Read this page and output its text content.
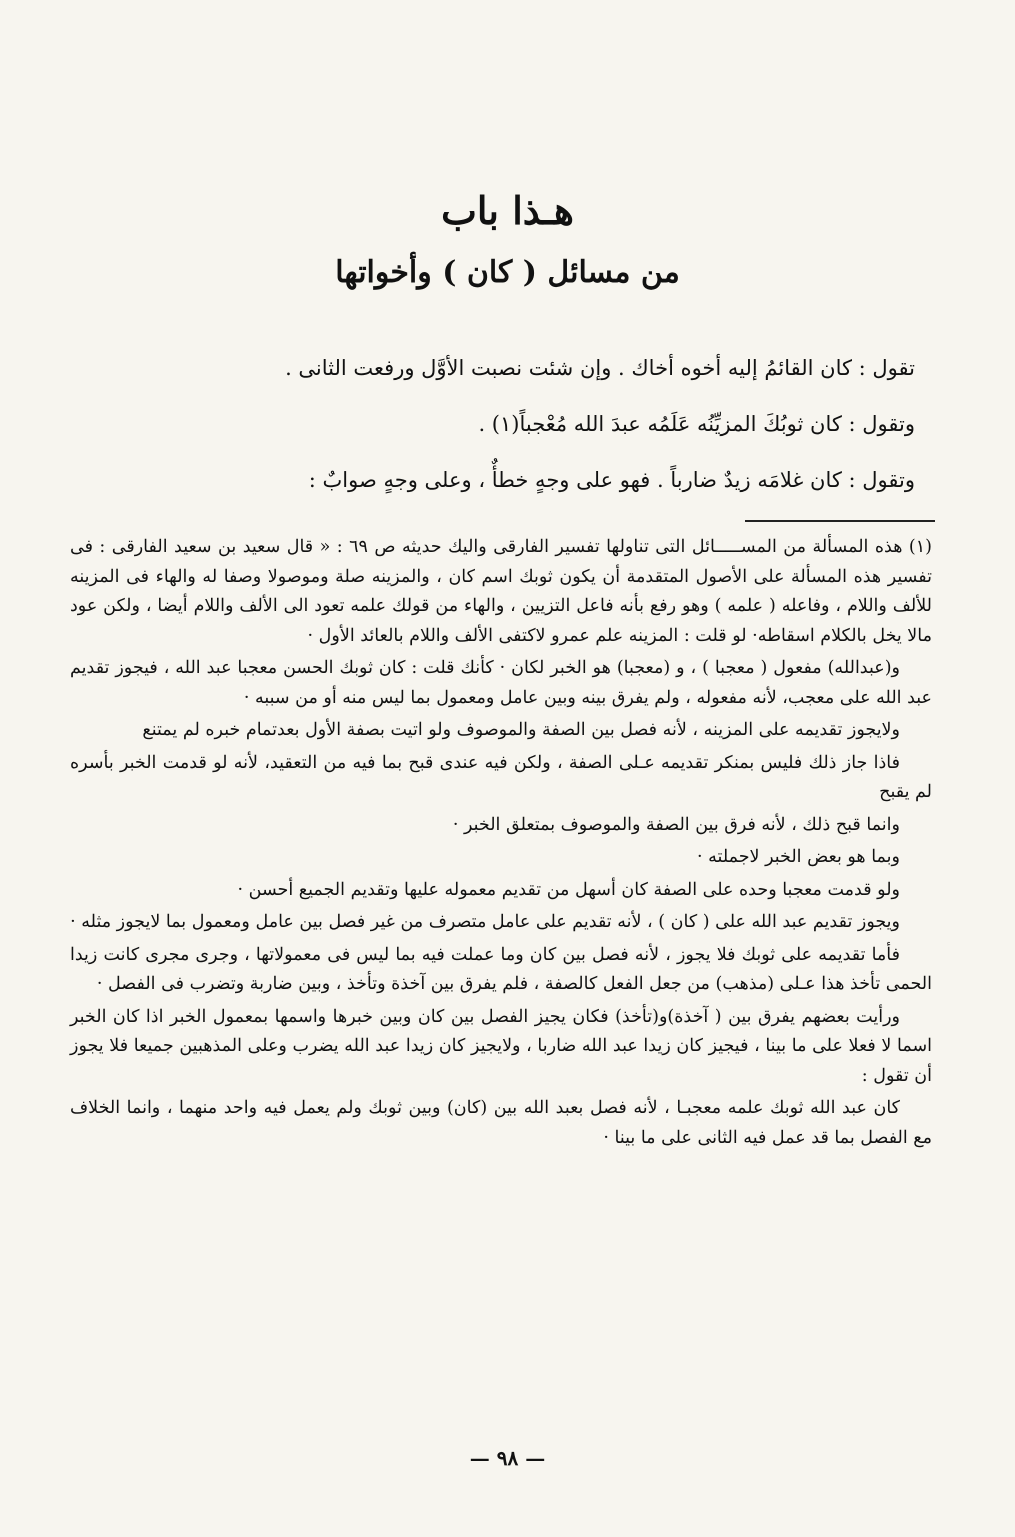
هـذا باب
من مسائل ( كان ) وأخواتها

تقول : كان القائمُ إليه أخوه أخاك . وإن شئت نصبت الأوَّل ورفعت الثانى .

وتقول : كان ثوبُكَ المزيِّنُه عَلَمُه عبدَ الله مُعْجباً(١) .

وتقول : كان غلامَه زيدٌ ضارباً . فهو على وجهٍ خطأٌ ، وعلى وجهٍ صوابٌ :

(١) هذه المسألة من المســـــائل التى تناولها تفسير الفارقى واليك حديثه ص ٦٩ : « قال سعيد بن سعيد الفارقى : فى تفسير هذه المسألة على الأصول المتقدمة أن يكون ثوبك اسم كان ، والمزينه صلة وموصولا وصفا له والهاء فى المزينه للألف واللام ، وفاعله ( علمه ) وهو رفع بأنه فاعل التزيين ، والهاء من قولك علمه تعود الى الألف واللام أيضا ، ولكن عود مالا يخل بالكلام اسقاطه· لو قلت : المزينه علم عمرو لاكتفى الألف واللام بالعائد الأول ·

و(عبدالله) مفعول ( معجبا ) ، و (معجبا) هو الخبر لكان · كأنك قلت : كان ثوبك الحسن معجبا عبد الله ، فيجوز تقديم عبد الله على معجب، لأنه مفعوله ، ولم يفرق بينه وبين عامل ومعمول بما ليس منه أو من سببه ·

ولايجوز تقديمه على المزينه ، لأنه فصل بين الصفة والموصوف ولو اتيت بصفة الأول بعدتمام خبره لم يمتنع

فاذا جاز ذلك فليس بمنكر تقديمه عـلى الصفة ، ولكن فيه عندى قبح بما فيه من التعقيد، لأنه لو قدمت الخبر بأسره لم يقبح

وانما قبح ذلك ، لأنه فرق بين الصفة والموصوف بمتعلق الخبر ·

وبما هو بعض الخبر لاجملته ·

ولو قدمت معجبا وحده على الصفة كان أسهل من تقديم معموله عليها وتقديم الجميع أحسن ·

ويجوز تقديم عبد الله على ( كان ) ، لأنه تقديم على عامل متصرف من غير فصل بين عامل ومعمول بما لايجوز مثله ·

فأما تقديمه على ثوبك فلا يجوز ، لأنه فصل بين كان وما عملت فيه بما ليس فى معمولاتها ، وجرى مجرى كانت زيدا الحمى تأخذ هذا عـلى (مذهب) من جعل الفعل كالصفة ، فلم يفرق بين آخذة وتأخذ ، وبين ضاربة وتضرب فى الفصل ·

ورأيت بعضهم يفرق بين ( آخذة)و(تأخذ) فكان يجيز الفصل بين كان وبين خبرها واسمها بمعمول الخبر اذا كان الخبر اسما لا فعلا على ما بينا ، فيجيز كان زيدا عبد الله ضاربا ، ولايجيز كان زيدا عبد الله يضرب وعلى المذهبين جميعا فلا يجوز أن تقول :

كان عبد الله ثوبك علمه معجبـا ، لأنه فصل بعبد الله بين (كان) وبين ثوبك ولم يعمل فيه واحد منهما ، وانما الخلاف مع الفصل بما قد عمل فيه الثانى على ما بينا ·

— ٩٨ —
